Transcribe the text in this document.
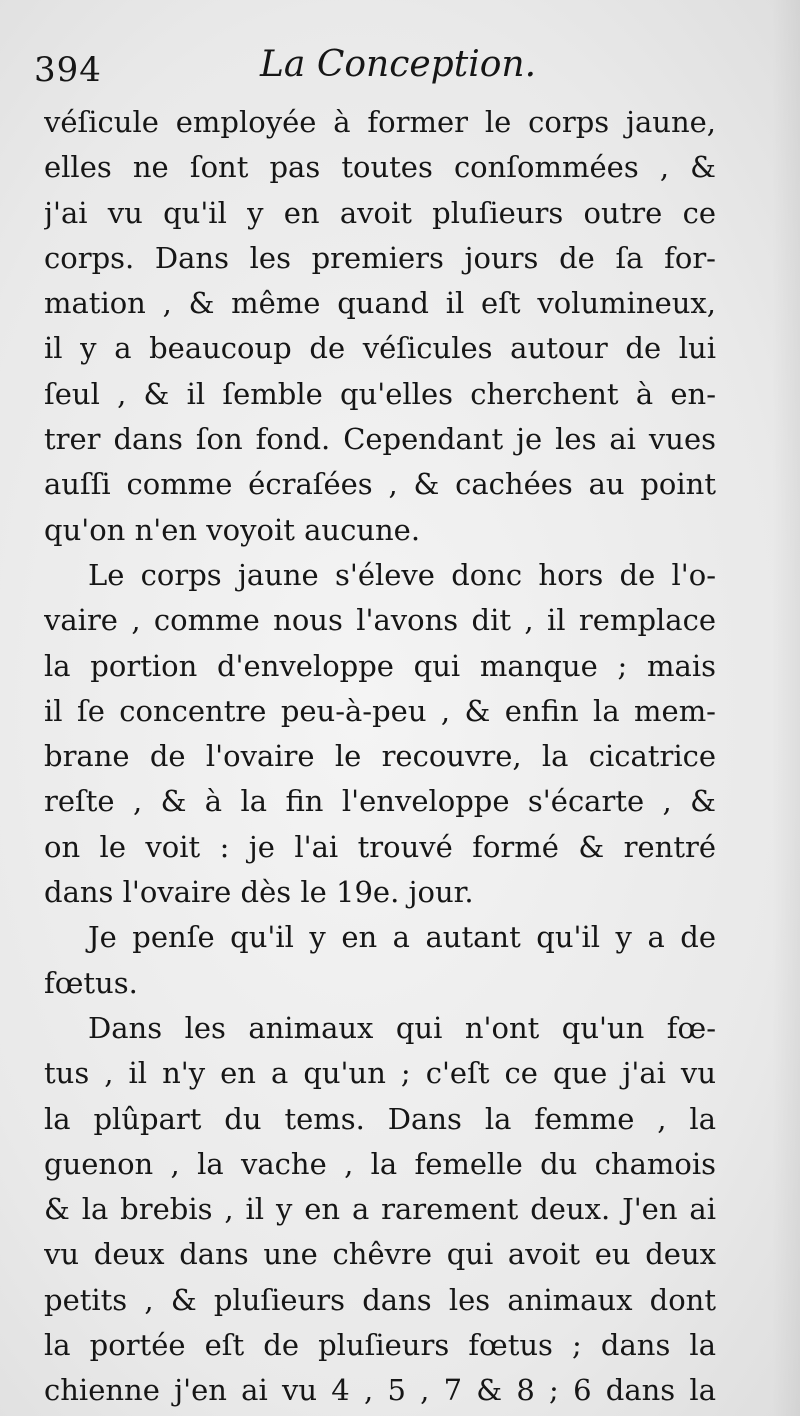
394	La Conception.
véſicule employée à former le corps jaune,
elles ne ſont pas toutes conſommées , &
j'ai vu qu'il y en avoit pluſieurs outre ce
corps. Dans les premiers jours de ſa for-
mation , & même quand il eſt volumineux,
il y a beaucoup de véſicules autour de lui
ſeul , & il ſemble qu'elles cherchent à en-
trer dans ſon fond. Cependant je les ai vues
auſſi comme écraſées , & cachées au point
qu'on n'en voyoit aucune.
Le corps jaune s'éleve donc hors de l'o-
vaire , comme nous l'avons dit , il remplace
la portion d'enveloppe qui manque ; mais
il ſe concentre peu-à-peu , & enfin la mem-
brane de l'ovaire le recouvre, la cicatrice
reſte , & à la fin l'enveloppe s'écarte , &
on le voit : je l'ai trouvé formé & rentré
dans l'ovaire dès le 19e. jour.
Je penſe qu'il y en a autant qu'il y a de
fœtus.
Dans les animaux qui n'ont qu'un fœ-
tus , il n'y en a qu'un ; c'eſt ce que j'ai vu
la plûpart du tems. Dans la femme , la
guenon , la vache , la femelle du chamois
& la brebis , il y en a rarement deux. J'en ai
vu deux dans une chêvre qui avoit eu deux
petits , & pluſieurs dans les animaux dont
la portée eſt de pluſieurs fœtus ; dans la
chienne j'en ai vu 4 , 5 , 7 & 8 ; 6 dans la
